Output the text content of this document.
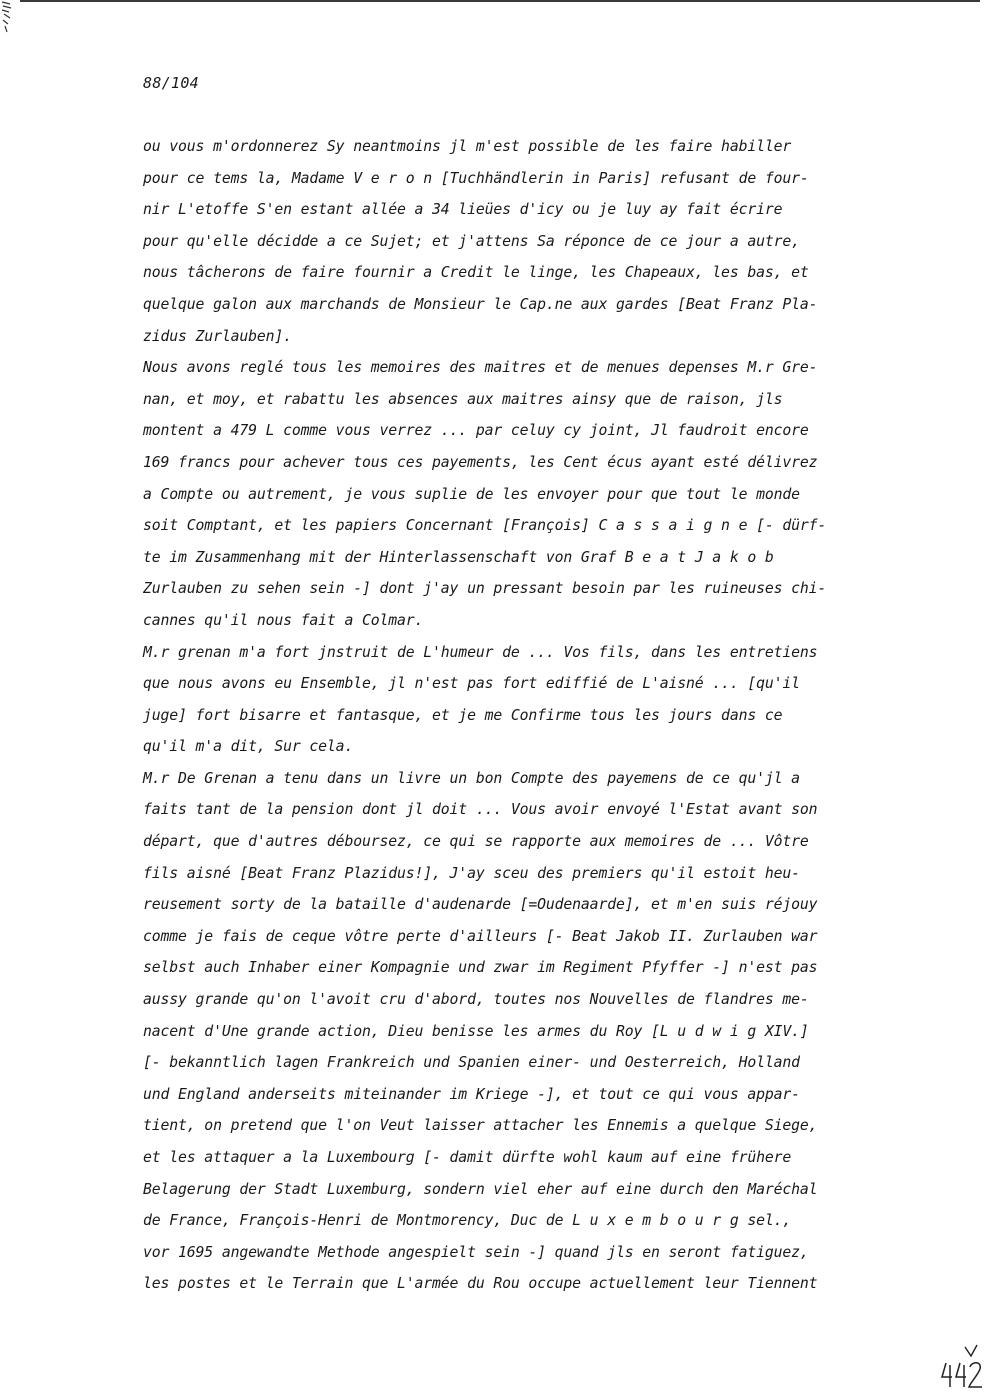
88/104
ou vous m'ordonnerez Sy neantmoins jl m'est possible de les faire habiller
pour ce tems la, Madame V e r o n [Tuchhändlerin in Paris] refusant de four-
nir L'etoffe S'en estant allée a 34 lieües d'icy ou je luy ay fait écrire
pour qu'elle décidde a ce Sujet; et j'attens Sa réponce de ce jour a autre,
nous tâcherons de faire fournir a Credit le linge, les Chapeaux, les bas, et
quelque galon aux marchands de Monsieur le Cap.ne aux gardes [Beat Franz Pla-
zidus Zurlauben].
Nous avons reglé tous les memoires des maitres et de menues depenses M.r Gre-
nan, et moy, et rabattu les absences aux maitres ainsy que de raison, jls
montent a 479 L comme vous verrez ... par celuy cy joint, Jl faudroit encore
169 francs pour achever tous ces payements, les Cent écus ayant esté délivrez
a Compte ou autrement, je vous suplie de les envoyer pour que tout le monde
soit Comptant, et les papiers Concernant [François] C a s s a i g n e [- dürf-
te im Zusammenhang mit der Hinterlassenschaft von Graf B e a t J a k o b
Zurlauben zu sehen sein -] dont j'ay un pressant besoin par les ruineuses chi-
cannes qu'il nous fait a Colmar.
M.r grenan m'a fort jnstruit de L'humeur de ... Vos fils, dans les entretiens
que nous avons eu Ensemble, jl n'est pas fort ediffié de L'aisné ... [qu'il
juge] fort bisarre et fantasque, et je me Confirme tous les jours dans ce
qu'il m'a dit, Sur cela.
M.r De Grenan a tenu dans un livre un bon Compte des payemens de ce qu'jl a
faits tant de la pension dont jl doit ... Vous avoir envoyé l'Estat avant son
départ, que d'autres déboursez, ce qui se rapporte aux memoires de ... Vôtre
fils aisné [Beat Franz Plazidus!], J'ay sceu des premiers qu'il estoit heu-
reusement sorty de la bataille d'audenarde [=Oudenaarde], et m'en suis réjouy
comme je fais de ceque vôtre perte d'ailleurs [- Beat Jakob II. Zurlauben war
selbst auch Inhaber einer Kompagnie und zwar im Regiment Pfyffer -] n'est pas
aussy grande qu'on l'avoit cru d'abord, toutes nos Nouvelles de flandres me-
nacent d'Une grande action, Dieu benisse les armes du Roy [L u d w i g XIV.]
[- bekanntlich lagen Frankreich und Spanien einer- und Oesterreich, Holland
und England anderseits miteinander im Kriege -], et tout ce qui vous appar-
tient, on pretend que l'on Veut laisser attacher les Ennemis a quelque Siege,
et les attaquer a la Luxembourg [- damit dürfte wohl kaum auf eine frühere
Belagerung der Stadt Luxemburg, sondern viel eher auf eine durch den Maréchal
de France, François-Henri de Montmorency, Duc de L u x e m b o u r g sel.,
vor 1695 angewandte Methode angespielt sein -] quand jls en seront fatiguez,
les postes et le Terrain que L'armée du Rou occupe actuellement leur Tiennent
